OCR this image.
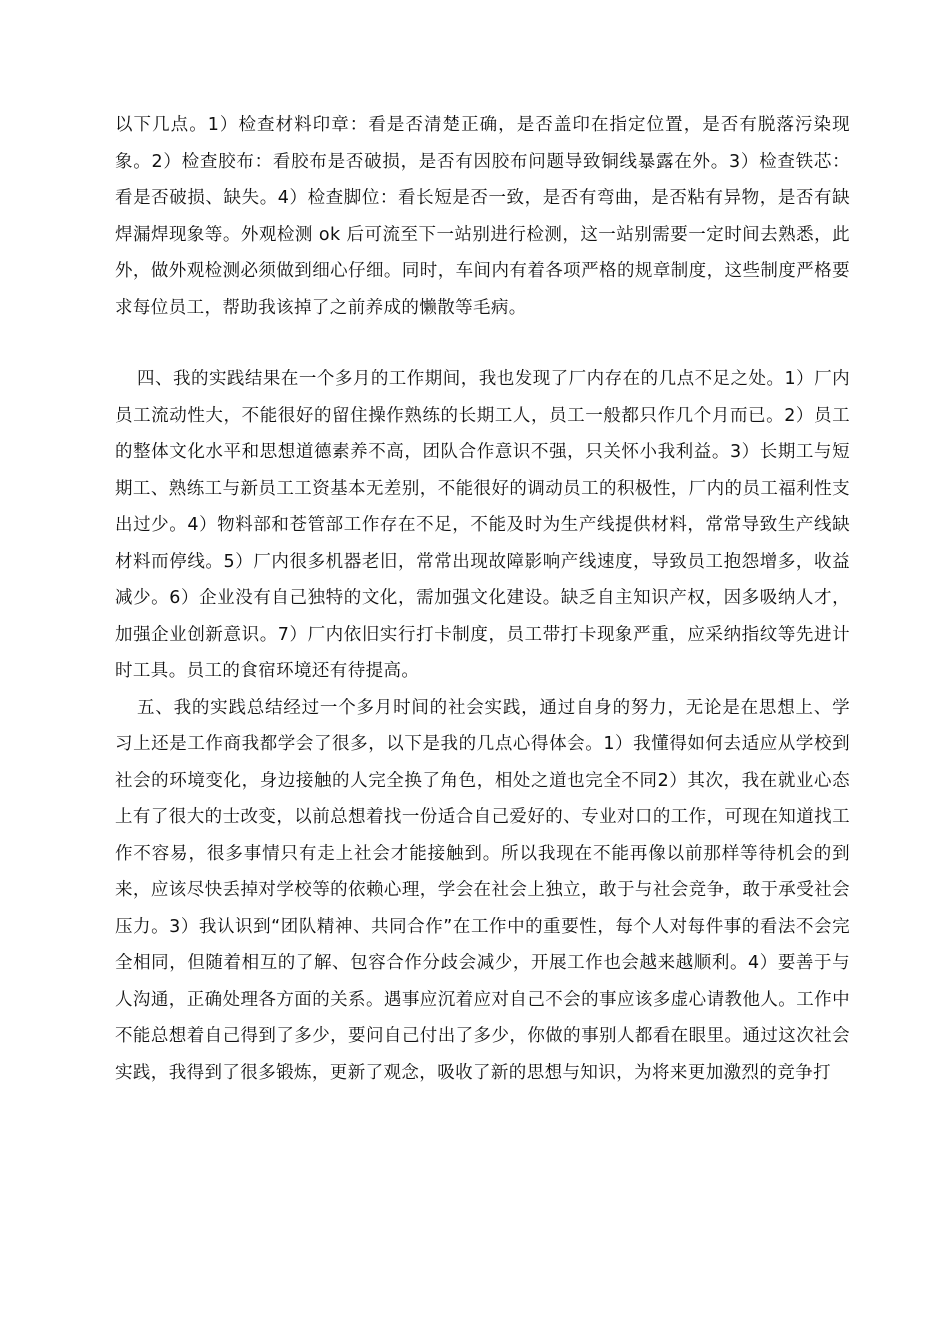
以下几点。1）检查材料印章：看是否清楚正确，是否盖印在指定位置，是否有脱落污染现象。2）检查胶布：看胶布是否破损，是否有因胶布问题导致铜线暴露在外。3）检查铁芯：看是否破损、缺失。4）检查脚位：看长短是否一致，是否有弯曲，是否粘有异物，是否有缺焊漏焊现象等。外观检测 ok 后可流至下一站别进行检测，这一站别需要一定时间去熟悉，此外，做外观检测必须做到细心仔细。同时，车间内有着各项严格的规章制度，这些制度严格要求每位员工，帮助我该掉了之前养成的懒散等毛病。

四、我的实践结果在一个多月的工作期间，我也发现了厂内存在的几点不足之处。1）厂内员工流动性大，不能很好的留住操作熟练的长期工人，员工一般都只作几个月而已。2）员工的整体文化水平和思想道德素养不高，团队合作意识不强，只关怀小我利益。3）长期工与短期工、熟练工与新员工工资基本无差别，不能很好的调动员工的积极性，厂内的员工福利性支出过少。4）物料部和苍管部工作存在不足，不能及时为生产线提供材料，常常导致生产线缺材料而停线。5）厂内很多机器老旧，常常出现故障影响产线速度，导致员工抱怨增多，收益减少。6）企业没有自己独特的文化，需加强文化建设。缺乏自主知识产权，因多吸纳人才，加强企业创新意识。7）厂内依旧实行打卡制度，员工带打卡现象严重，应采纳指纹等先进计时工具。员工的食宿环境还有待提高。

五、我的实践总结经过一个多月时间的社会实践，通过自身的努力，无论是在思想上、学习上还是工作商我都学会了很多，以下是我的几点心得体会。1）我懂得如何去适应从学校到社会的环境变化，身边接触的人完全换了角色，相处之道也完全不同2）其次，我在就业心态上有了很大的士改变，以前总想着找一份适合自己爱好的、专业对口的工作，可现在知道找工作不容易，很多事情只有走上社会才能接触到。所以我现在不能再像以前那样等待机会的到来，应该尽快丢掉对学校等的依赖心理，学会在社会上独立，敢于与社会竞争，敢于承受社会压力。3）我认识到“团队精神、共同合作”在工作中的重要性，每个人对每件事的看法不会完全相同，但随着相互的了解、包容合作分歧会减少，开展工作也会越来越顺利。4）要善于与人沟通，正确处理各方面的关系。遇事应沉着应对自己不会的事应该多虚心请教他人。工作中不能总想着自己得到了多少，要问自己付出了多少，你做的事别人都看在眼里。通过这次社会实践，我得到了很多锻炼，更新了观念，吸收了新的思想与知识，为将来更加激烈的竞争打
